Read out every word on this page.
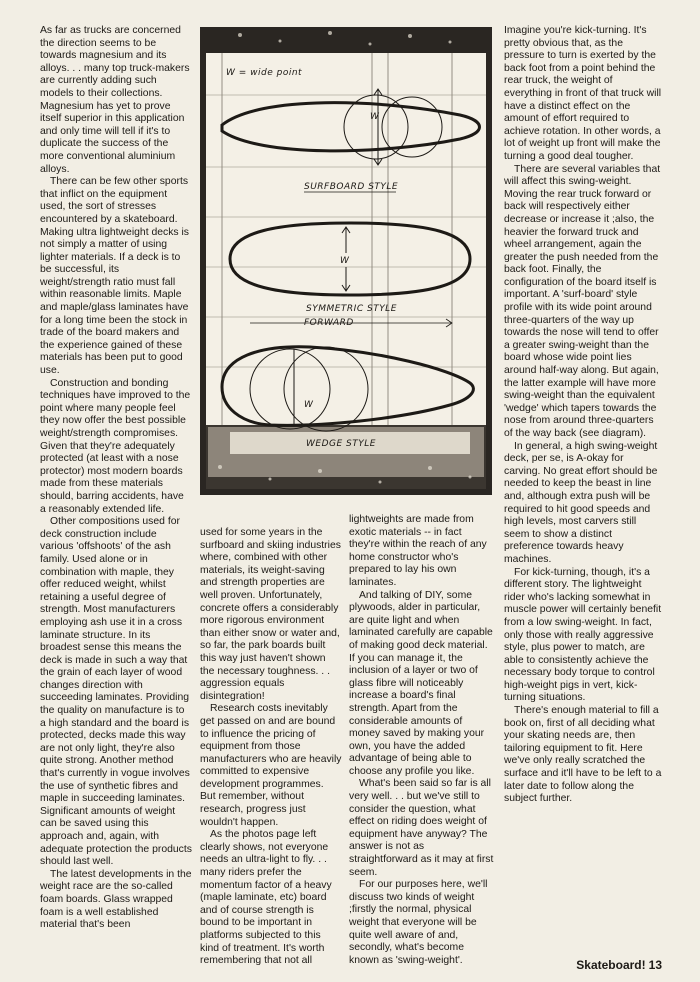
As far as trucks are concerned the direction seems to be towards magnesium and its alloys. . . many top truck-makers are currently adding such models to their collections. Magnesium has yet to prove itself superior in this application and only time will tell if it's to duplicate the success of the more conventional aluminium alloys.

There can be few other sports that inflict on the equipment used, the sort of stresses encountered by a skateboard. Making ultra lightweight decks is not simply a matter of using lighter materials. If a deck is to be successful, its weight/strength ratio must fall within reasonable limits. Maple and maple/glass laminates have for a long time been the stock in trade of the board makers and the experience gained of these materials has been put to good use.

Construction and bonding techniques have improved to the point where many people feel they now offer the best possible weight/strength compromises. Given that they're adequately protected (at least with a nose protector) most modern boards made from these materials should, barring accidents, have a reasonably extended life.

Other compositions used for deck construction include various 'offshoots' of the ash family. Used alone or in combination with maple, they offer reduced weight, whilst retaining a useful degree of strength. Most manufacturers employing ash use it in a cross laminate structure. In its broadest sense this means the deck is made in such a way that the grain of each layer of wood changes direction with succeeding laminates. Providing the quality on manufacture is to a high standard and the board is protected, decks made this way are not only light, they're also quite strong. Another method that's currently in vogue involves the use of synthetic fibres and maple in succeeding laminates. Significant amounts of weight can be saved using this approach and, again, with adequate protection the products should last well.

The latest developments in the weight race are the so-called foam boards. Glass wrapped foam is a well established material that's been

W = wide point
W
SURFBOARD STYLE
W
SYMMETRIC STYLE
FORWARD
W
WEDGE STYLE

used for some years in the surfboard and skiing industries where, combined with other materials, its weight-saving and strength properties are well proven. Unfortunately, concrete offers a considerably more rigorous environment than either snow or water and, so far, the park boards built this way just haven't shown the necessary toughness. . . aggression equals disintegration!

Research costs inevitably get passed on and are bound to influence the pricing of equipment from those manufacturers who are heavily committed to expensive development programmes. But remember, without research, progress just wouldn't happen.

As the photos page left clearly shows, not everyone needs an ultra-light to fly. . . many riders prefer the momentum factor of a heavy (maple laminate, etc) board and of course strength is bound to be important in platforms subjected to this kind of treatment. It's worth remembering that not all

lightweights are made from exotic materials -- in fact they're within the reach of any home constructor who's prepared to lay his own laminates.

And talking of DIY, some plywoods, alder in particular, are quite light and when laminated carefully are capable of making good deck material. If you can manage it, the inclusion of a layer or two of glass fibre will noticeably increase a board's final strength. Apart from the considerable amounts of money saved by making your own, you have the added advantage of being able to choose any profile you like.

What's been said so far is all very well. . . but we've still to consider the question, what effect on riding does weight of equipment have anyway? The answer is not as straightforward as it may at first seem.

For our purposes here, we'll discuss two kinds of weight ;firstly the normal, physical weight that everyone will be quite well aware of and, secondly, what's become known as 'swing-weight'.

Imagine you're kick-turning. It's pretty obvious that, as the pressure to turn is exerted by the back foot from a point behind the rear truck, the weight of everything in front of that truck will have a distinct effect on the amount of effort required to achieve rotation. In other words, a lot of weight up front will make the turning a good deal tougher.

There are several variables that will affect this swing-weight. Moving the rear truck forward or back will respectively either decrease or increase it ;also, the heavier the forward truck and wheel arrangement, again the greater the push needed from the back foot. Finally, the configuration of the board itself is important. A 'surf-board' style profile with its wide point around three-quarters of the way up towards the nose will tend to offer a greater swing-weight than the board whose wide point lies around half-way along. But again, the latter example will have more swing-weight than the equivalent 'wedge' which tapers towards the nose from around three-quarters of the way back (see diagram).

In general, a high swing-weight deck, per se, is A-okay for carving. No great effort should be needed to keep the beast in line and, although extra push will be required to hit good speeds and high levels, most carvers still seem to show a distinct preference towards heavy machines.

For kick-turning, though, it's a different story. The lightweight rider who's lacking somewhat in muscle power will certainly benefit from a low swing-weight. In fact, only those with really aggressive style, plus power to match, are able to consistently achieve the necessary body torque to control high-weight pigs in vert, kick-turning situations.

There's enough material to fill a book on, first of all deciding what your skating needs are, then tailoring equipment to fit. Here we've only really scratched the surface and it'll have to be left to a later date to follow along the subject further.

Skateboard! 13
